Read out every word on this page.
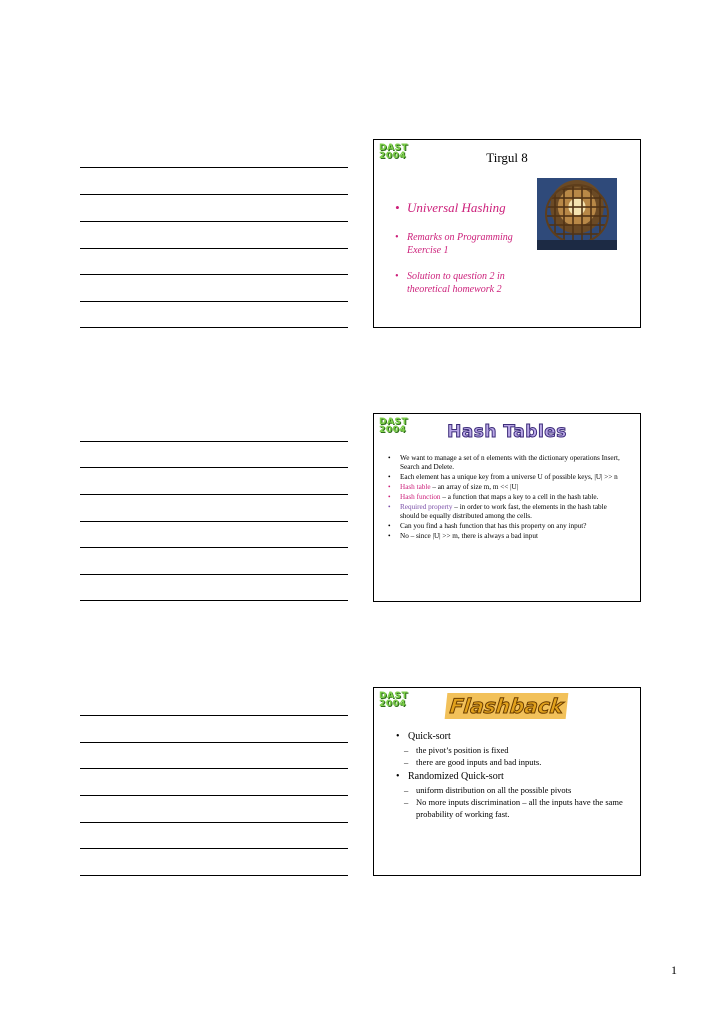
DAST
2004	Tirgul 8
• Universal Hashing
• Remarks on Programming Exercise 1
• Solution to question 2 in theoretical homework 2
DAST
2004	Hash Tables
• We want to manage a set of n elements with the dictionary operations Insert, Search and Delete.
• Each element has a unique key from a universe U of possible keys, |U| >> n
• Hash table – an array of size m, m << |U|
• Hash function – a function that maps a key to a cell in the hash table.
• Required property – in order to work fast, the elements in the hash table should be equally distributed among the cells.
• Can you find a hash function that has this property on any input?
• No – since |U| >> m, there is always a bad input
DAST
2004	Flashback
• Quick-sort
– the pivot’s position is fixed
– there are good inputs and bad inputs.
• Randomized Quick-sort
– uniform distribution on all the possible pivots
– No more inputs discrimination – all the inputs have the same probability of working fast.
1
